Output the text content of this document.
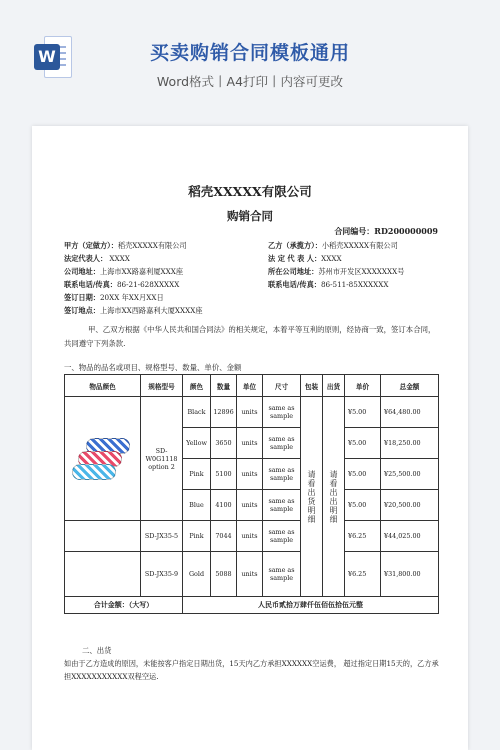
W	买卖购销合同模板通用
Word格式丨A4打印丨内容可更改
稻壳XXXXX有限公司
购销合同
合同编号：RD200000009
甲方（定做方）：稻壳XXXXX有限公司	乙方（承揽方）：小稻壳XXXXX有限公司
法定代表人： XXXX	法 定 代 表 人：XXXX
公司地址：上海市XX路嘉利厦XXX座	所在公司地址：苏州市开发区XXXXXXX号
联系电话/传真：86-21-628XXXXX	联系电话/传真：86-511-85XXXXXX
签订日期：20XX 年XX月XX日
签订地点：上海市XX西路嘉利大厦XXXX座
甲、乙双方根据《中华人民共和国合同法》的相关规定，本着平等互利的原则，经协商一致，签订本合同，共同遵守下列条款.
一、物品的品名或项目、规格型号、数量、单价、金额
物品颜色	规格型号	颜色	数量	单位	尺寸	包装	出货	单价	总金额

	SD-W0G1118 option 2	Black	12896	units	same as sample	请看出货明细	请看出出明细	¥5.00	¥64,480.00
		Yellow	3650	units	same as sample			¥5.00	¥18,250.00
		Pink	5100	units	same as sample			¥5.00	¥25,500.00
		Blue	4100	units	same as sample			¥5.00	¥20,500.00
	SD-JX35-5	Pink	7044	units	same as sample			¥6.25	¥44,025.00
	SD-JX35-9	Gold	5088	units	same as sample			¥6.25	¥31,800.00
合计金额：（大写）		人民币贰拾万肆仟伍佰伍拾伍元整							
二、出货
如由于乙方造成的原因，未能按客户指定日期出货，15天内乙方承担XXXXXX空运费， 超过指定日期15天的，乙方承担XXXXXXXXXXX双程空运.
